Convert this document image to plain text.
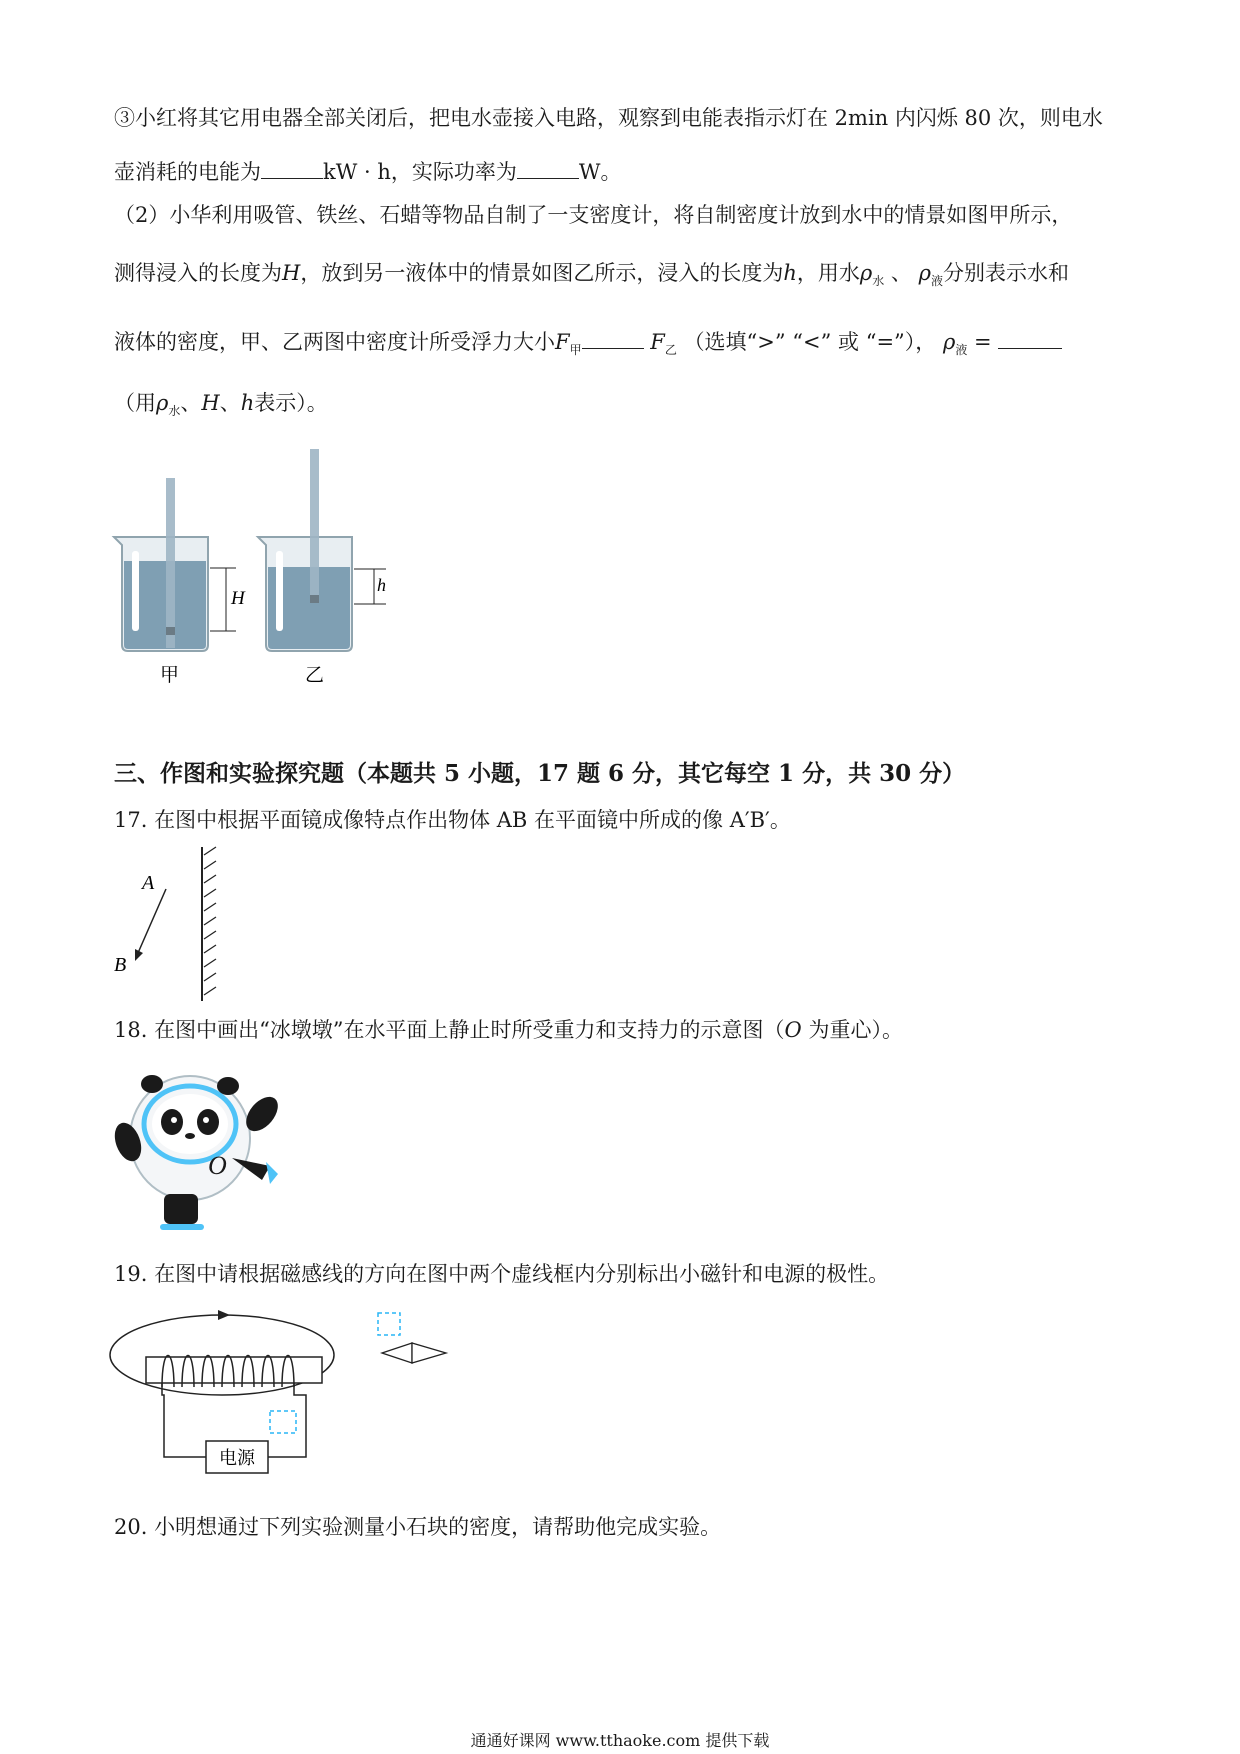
③小红将其它用电器全部关闭后，把电水壶接入电路，观察到电能表指示灯在 2min 内闪烁 80 次，则电水
壶消耗的电能为	kW · h，实际功率为	W。
（2）小华利用吸管、铁丝、石蜡等物品自制了一支密度计，将自制密度计放到水中的情景如图甲所示，
测得浸入的长度为H，放到另一液体中的情景如图乙所示，浸入的长度为h，用水$\rho_水$ 、 $\rho_液$分别表示水和
液体的密度，甲、乙两图中密度计所受浮力大小$F_甲$	$F_乙$ （选填“>” “<” 或 “=”）， $\rho_液$ =
（用$\rho_水$、H、h表示）。
H
甲
h
乙
三、作图和实验探究题（本题共 5 小题，17 题 6 分，其它每空 1 分，共 30 分）
17. 在图中根据平面镜成像特点作出物体 AB 在平面镜中所成的像 A′B′。
A
B
18. 在图中画出“冰墩墩”在水平面上静止时所受重力和支持力的示意图（O 为重心）。
O
19. 在图中请根据磁感线的方向在图中两个虚线框内分别标出小磁针和电源的极性。
电源
20. 小明想通过下列实验测量小石块的密度，请帮助他完成实验。
通通好课网 www.tthaoke.com 提供下载
